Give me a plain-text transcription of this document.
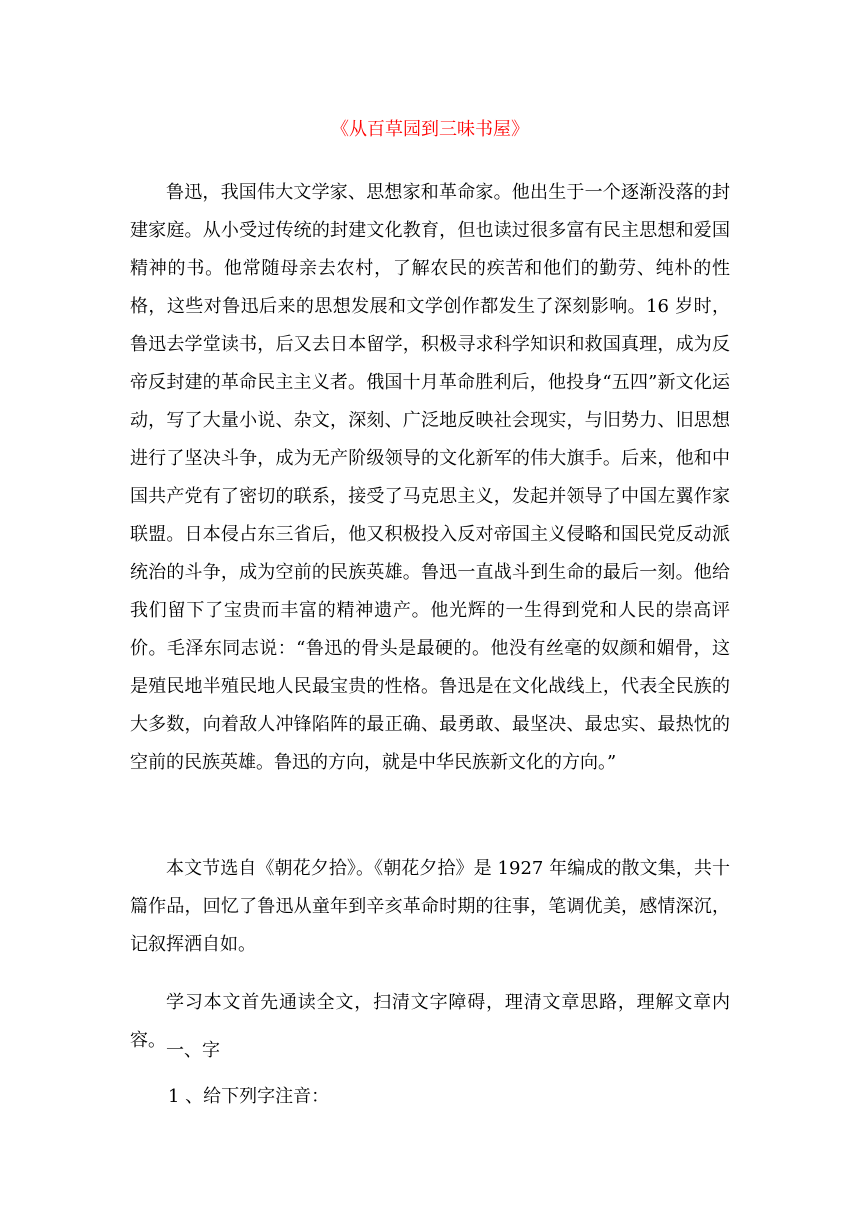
《从百草园到三味书屋》
鲁迅，我国伟大文学家、思想家和革命家。他出生于一个逐渐没落的封建家庭。从小受过传统的封建文化教育，但也读过很多富有民主思想和爱国精神的书。他常随母亲去农村，了解农民的疾苦和他们的勤劳、纯朴的性格，这些对鲁迅后来的思想发展和文学创作都发生了深刻影响。16 岁时，鲁迅去学堂读书，后又去日本留学，积极寻求科学知识和救国真理，成为反帝反封建的革命民主主义者。俄国十月革命胜利后，他投身“五四”新文化运动，写了大量小说、杂文，深刻、广泛地反映社会现实，与旧势力、旧思想进行了坚决斗争，成为无产阶级领导的文化新军的伟大旗手。后来，他和中国共产党有了密切的联系，接受了马克思主义，发起并领导了中国左翼作家联盟。日本侵占东三省后，他又积极投入反对帝国主义侵略和国民党反动派统治的斗争，成为空前的民族英雄。鲁迅一直战斗到生命的最后一刻。他给我们留下了宝贵而丰富的精神遗产。他光辉的一生得到党和人民的崇高评价。毛泽东同志说：“鲁迅的骨头是最硬的。他没有丝毫的奴颜和媚骨，这是殖民地半殖民地人民最宝贵的性格。鲁迅是在文化战线上，代表全民族的大多数，向着敌人冲锋陷阵的最正确、最勇敢、最坚决、最忠实、最热忱的空前的民族英雄。鲁迅的方向，就是中华民族新文化的方向。”
本文节选自《朝花夕拾》。《朝花夕拾》是 1927 年编成的散文集，共十篇作品，回忆了鲁迅从童年到辛亥革命时期的往事，笔调优美，感情深沉，记叙挥洒自如。
学习本文首先通读全文，扫清文字障碍，理清文章思路，理解文章内容。 一、字
1 、给下列字注音：
